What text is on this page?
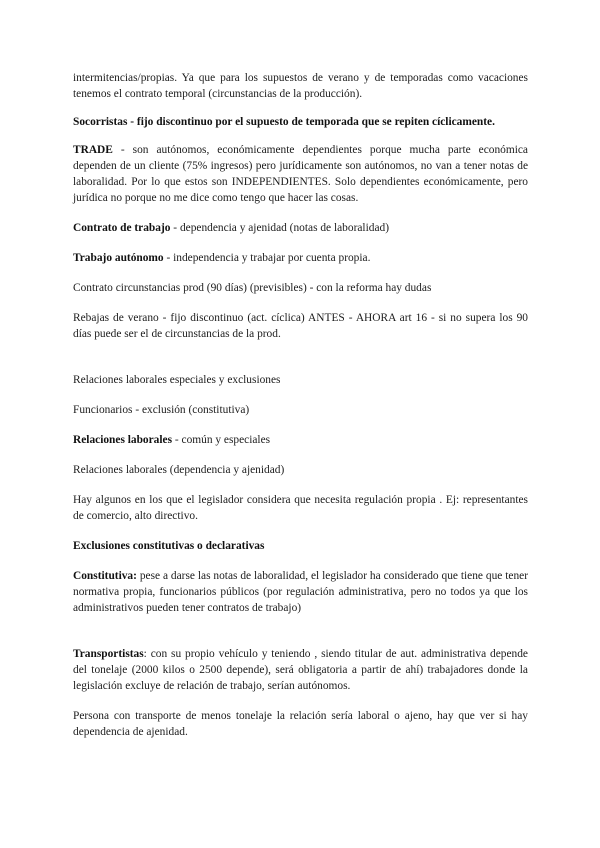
intermitencias/propias. Ya que para los supuestos de verano y de temporadas como vacaciones tenemos el contrato temporal (circunstancias de la producción).

Socorristas - fijo discontinuo por el supuesto de temporada que se repiten cíclicamente.

TRADE - son autónomos, económicamente dependientes porque mucha parte económica dependen de un cliente (75% ingresos) pero jurídicamente son autónomos, no van a tener notas de laboralidad. Por lo que estos son INDEPENDIENTES. Solo dependientes económicamente, pero jurídica no porque no me dice como tengo que hacer las cosas.

Contrato de trabajo - dependencia y ajenidad (notas de laboralidad)

Trabajo autónomo - independencia y trabajar por cuenta propia.

Contrato circunstancias prod (90 días) (previsibles) - con la reforma hay dudas

Rebajas de verano - fijo discontinuo (act. cíclica) ANTES - AHORA art 16 - si no supera los 90 días puede ser el de circunstancias de la prod.

Relaciones laborales especiales y exclusiones

Funcionarios - exclusión (constitutiva)

Relaciones laborales - común y especiales

Relaciones laborales (dependencia y ajenidad)

Hay algunos en los que el legislador considera que necesita regulación propia . Ej: representantes de comercio, alto directivo.

Exclusiones constitutivas o declarativas

Constitutiva: pese a darse las notas de laboralidad, el legislador ha considerado que tiene que tener normativa propia, funcionarios públicos (por regulación administrativa, pero no todos ya que los administrativos pueden tener contratos de trabajo)

Transportistas: con su propio vehículo y teniendo , siendo titular de aut. administrativa depende del tonelaje (2000 kilos o 2500 depende), será obligatoria a partir de ahí) trabajadores donde la legislación excluye de relación de trabajo, serían autónomos.

Persona con transporte de menos tonelaje la relación sería laboral o ajeno, hay que ver si hay dependencia de ajenidad.
